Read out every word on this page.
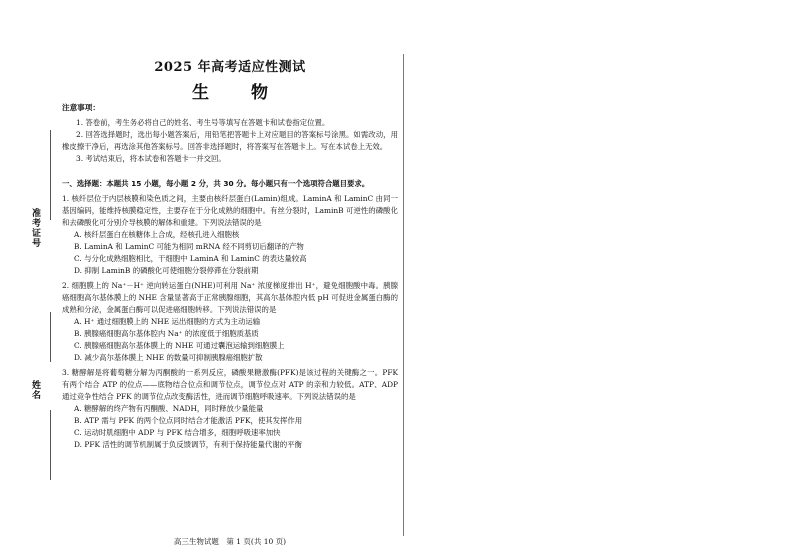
准考证号
姓名
2025 年高考适应性测试
生 物
注意事项：
1. 答卷前，考生务必将自己的姓名、考生号等填写在答题卡和试卷指定位置。
2. 回答选择题时，选出每小题答案后，用铅笔把答题卡上对应题目的答案标号涂黑。如需改动，用橡皮擦干净后，再选涂其他答案标号。回答非选择题时，将答案写在答题卡上。写在本试卷上无效。
3. 考试结束后，将本试卷和答题卡一并交回。
一、选择题：本题共 15 小题，每小题 2 分，共 30 分。每小题只有一个选项符合题目要求。
1. 核纤层位于内层核膜和染色质之间，主要由核纤层蛋白(Lamin)组成。LaminA 和 LaminC 由同一基因编码，能维持核膜稳定性，主要存在于分化成熟的细胞中。有丝分裂时，LaminB 可逆性的磷酸化和去磷酸化可分别介导核膜的解体和重建。下列说法错误的是
A. 核纤层蛋白在核糖体上合成，经核孔进入细胞核
B. LaminA 和 LaminC 可能为相同 mRNA 经不同剪切后翻译的产物
C. 与分化成熟细胞相比，干细胞中 LaminA 和 LaminC 的表达量较高
D. 抑制 LaminB 的磷酸化可使细胞分裂停滞在分裂前期
2. 细胞膜上的 Na⁺－H⁺ 逆向转运蛋白(NHE)可利用 Na⁺ 浓度梯度排出 H⁺，避免细胞酸中毒。胰腺癌细胞高尔基体膜上的 NHE 含量显著高于正常胰腺细胞，其高尔基体腔内低 pH 可促进金属蛋白酶的成熟和分泌，金属蛋白酶可以促进癌细胞转移。下列说法错误的是
A. H⁺ 通过细胞膜上的 NHE 运出细胞的方式为主动运输
B. 胰腺癌细胞高尔基体腔内 Na⁺ 的浓度低于细胞质基质
C. 胰腺癌细胞高尔基体膜上的 NHE 可通过囊泡运输到细胞膜上
D. 减少高尔基体膜上 NHE 的数量可抑制胰腺癌细胞扩散
3. 糖酵解是将葡萄糖分解为丙酮酸的一系列反应，磷酸果糖激酶(PFK)是该过程的关键酶之一。PFK 有两个结合 ATP 的位点——底物结合位点和调节位点，调节位点对 ATP 的亲和力较低。ATP、ADP 通过竞争性结合 PFK 的调节位点改变酶活性，进而调节细胞呼吸速率。下列说法错误的是
A. 糖酵解的终产物有丙酮酸、NADH，同时释放少量能量
B. ATP 需与 PFK 的两个位点同时结合才能激活 PFK，使其发挥作用
C. 运动时肌细胞中 ADP 与 PFK 结合增多，细胞呼吸速率加快
D. PFK 活性的调节机制属于负反馈调节，有利于保持能量代谢的平衡
高三生物试题　第 1 页(共 10 页)
